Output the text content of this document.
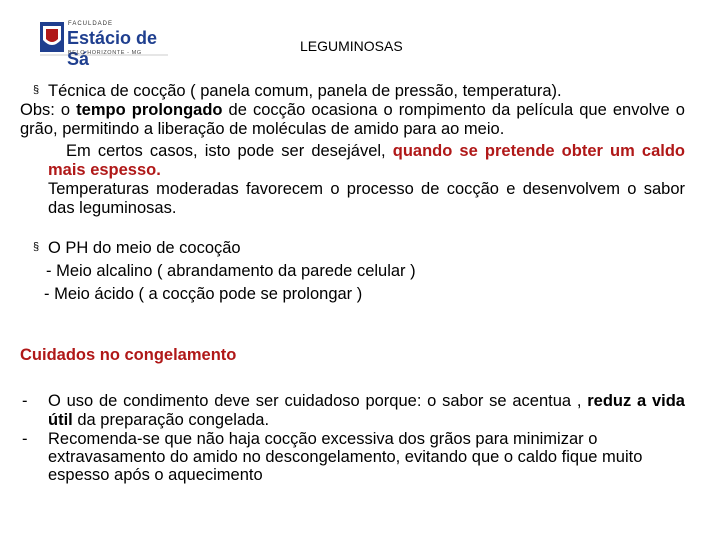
FACULDADE
Estácio de Sá
BELO HORIZONTE - MG	LEGUMINOSAS
§ Técnica de cocção ( panela comum, panela de pressão, temperatura).
Obs: o tempo prolongado de cocção ocasiona o rompimento da película que envolve o grão, permitindo a liberação de moléculas de amido para ao meio.
Em certos casos, isto pode ser desejável, quando se pretende obter um caldo mais espesso.
Temperaturas moderadas favorecem o processo de cocção e desenvolvem o sabor das leguminosas.
§ O PH do meio de cocoção
- Meio alcalino ( abrandamento da parede celular )
- Meio ácido ( a cocção pode se prolongar )
Cuidados no congelamento
- O uso de condimento deve ser cuidadoso porque: o sabor se acentua , reduz a vida útil da preparação congelada.
- Recomenda-se que não haja cocção excessiva dos grãos para minimizar o extravasamento do amido no descongelamento, evitando que o caldo fique muito espesso após o aquecimento
